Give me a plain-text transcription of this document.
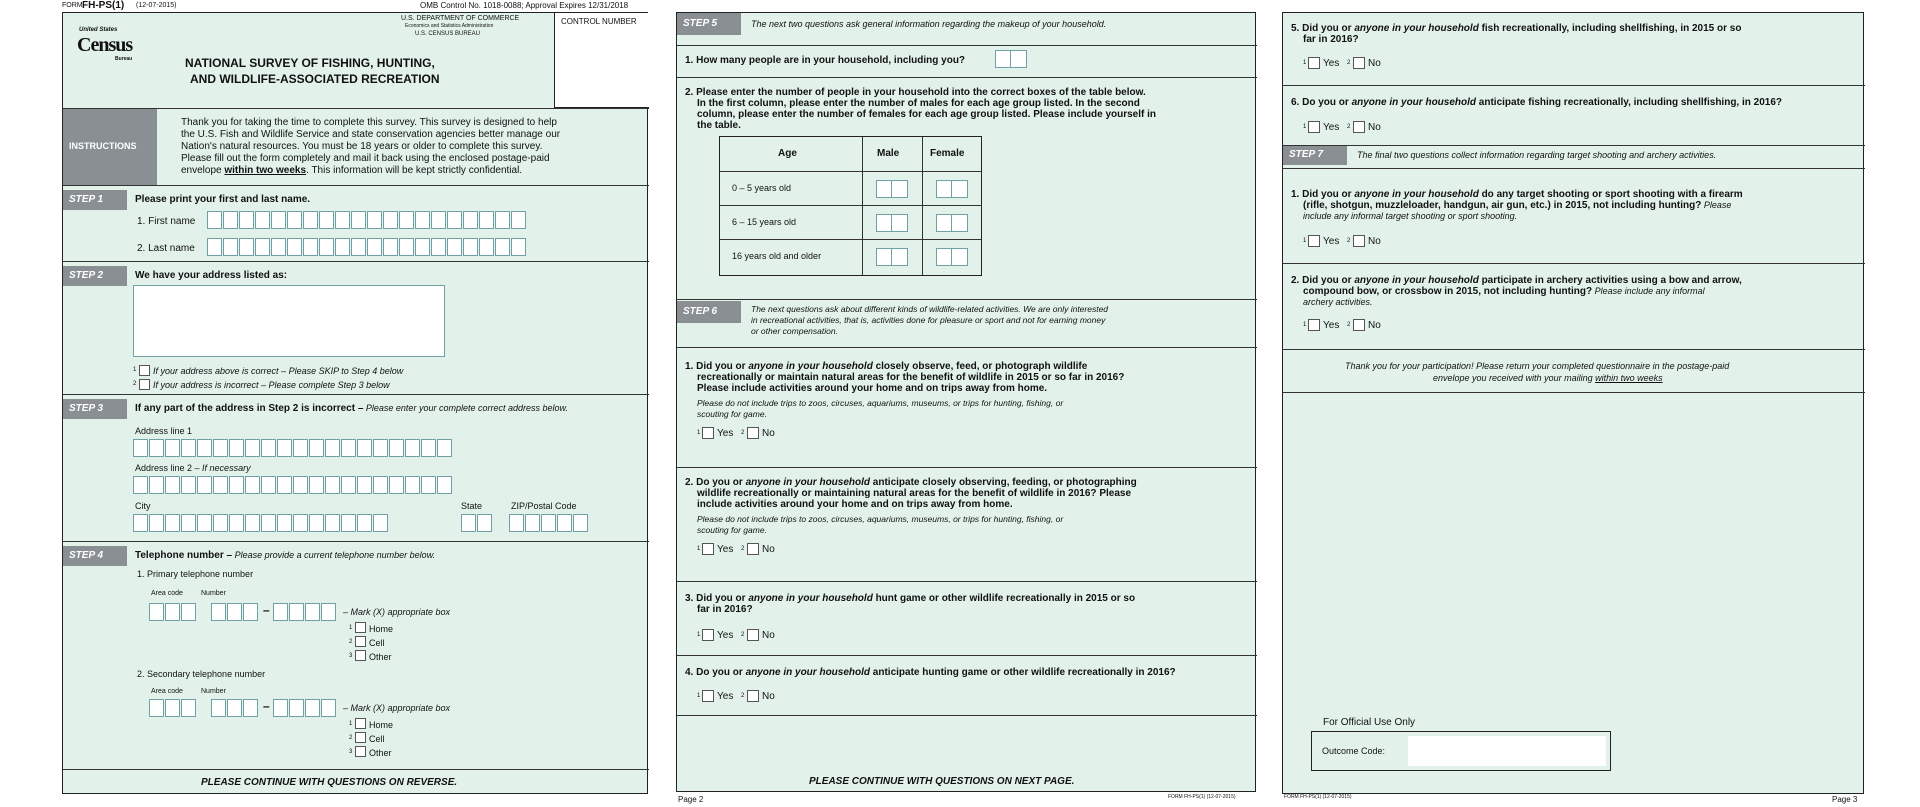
FORM FH-PS(1) (12-07-2015)	OMB Control No. 1018-0088; Approval Expires 12/31/2018
United States
Census
Bureau	NATIONAL SURVEY OF FISHING, HUNTING,
AND WILDLIFE-ASSOCIATED RECREATION
U.S. DEPARTMENT OF COMMERCE
Economics and Statistics Administration
U.S. CENSUS BUREAU
CONTROL NUMBER
INSTRUCTIONS
Thank you for taking the time to complete this survey. This survey is designed to help
the U.S. Fish and Wildlife Service and state conservation agencies better manage our
Nation's natural resources. You must be 18 years or older to complete this survey.
Please fill out the form completely and mail it back using the enclosed postage-paid
envelope within two weeks. This information will be kept strictly confidential.
STEP 1	Please print your first and last name.
1. First name
2. Last name
STEP 2	We have your address listed as:
1 If your address above is correct – Please SKIP to Step 4 below
2 If your address is incorrect – Please complete Step 3 below
STEP 3	If any part of the address in Step 2 is incorrect – Please enter your complete correct address below.
Address line 1
Address line 2 – If necessary
City	State	ZIP/Postal Code
STEP 4	Telephone number – Please provide a current telephone number below.
1. Primary telephone number
Area code	Number
–	– Mark (X) appropriate box
1 Home
2 Cell
3 Other
2. Secondary telephone number
Area code	Number
–	– Mark (X) appropriate box
1 Home
2 Cell
3 Other
PLEASE CONTINUE WITH QUESTIONS ON REVERSE.
STEP 5	The next two questions ask general information regarding the makeup of your household.
1. How many people are in your household, including you?
2. Please enter the number of people in your household into the correct boxes of the table below.
In the first column, please enter the number of males for each age group listed. In the second
column, please enter the number of females for each age group listed. Please include yourself in
the table.
Age	Male	Female
0 – 5 years old
6 – 15 years old
16 years old and older
STEP 6	The next questions ask about different kinds of wildlife-related activities. We are only interested
in recreational activities, that is, activities done for pleasure or sport and not for earning money
or other compensation.
1. Did you or anyone in your household closely observe, feed, or photograph wildlife
recreationally or maintain natural areas for the benefit of wildlife in 2015 or so far in 2016?
Please include activities around your home and on trips away from home.
Please do not include trips to zoos, circuses, aquariums, museums, or trips for hunting, fishing, or
scouting for game.
1 Yes 2 No
2. Do you or anyone in your household anticipate closely observing, feeding, or photographing
wildlife recreationally or maintaining natural areas for the benefit of wildlife in 2016? Please
include activities around your home and on trips away from home.
Please do not include trips to zoos, circuses, aquariums, museums, or trips for hunting, fishing, or
scouting for game.
1 Yes 2 No
3. Did you or anyone in your household hunt game or other wildlife recreationally in 2015 or so
far in 2016?
1 Yes 2 No
4. Do you or anyone in your household anticipate hunting game or other wildlife recreationally in 2016?
1 Yes 2 No
PLEASE CONTINUE WITH QUESTIONS ON NEXT PAGE.
Page 2	FORM FH-PS(1) (12-07-2015)
5. Did you or anyone in your household fish recreationally, including shellfishing, in 2015 or so
far in 2016?
1 Yes 2 No
6. Do you or anyone in your household anticipate fishing recreationally, including shellfishing, in 2016?
1 Yes 2 No
STEP 7	The final two questions collect information regarding target shooting and archery activities.
1. Did you or anyone in your household do any target shooting or sport shooting with a firearm
(rifle, shotgun, muzzleloader, handgun, air gun, etc.) in 2015, not including hunting? Please
include any informal target shooting or sport shooting.
1 Yes 2 No
2. Did you or anyone in your household participate in archery activities using a bow and arrow,
compound bow, or crossbow in 2015, not including hunting? Please include any informal
archery activities.
1 Yes 2 No
Thank you for your participation! Please return your completed questionnaire in the postage-paid
envelope you received with your mailing within two weeks
For Official Use Only
Outcome Code:
FORM FH-PS(1) (12-07-2015)	Page 3
